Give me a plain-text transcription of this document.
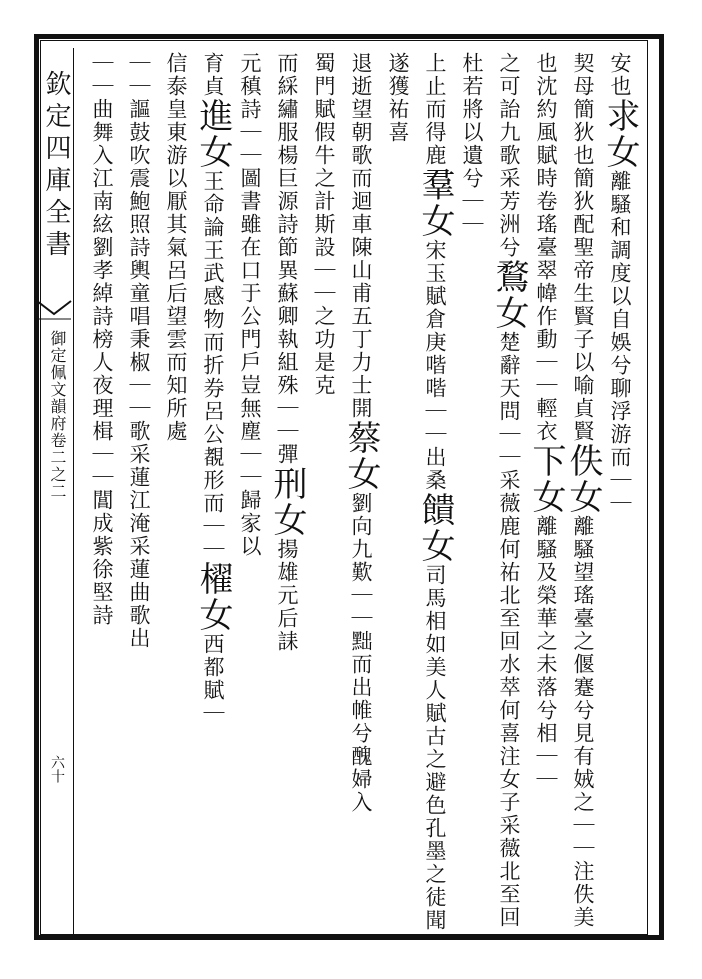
欽定四庫全書
御定佩文韻府卷二之二
六十
安也求女離騷和調度以自娛兮聊浮游而｜｜
契母簡狄也簡狄配聖帝生賢子以喻貞賢佚女離騷望瑤臺之偃蹇兮見有娀之｜｜注佚美
也沈約風賦時卷瑤臺翠幃作動｜｜輕衣下女離騷及榮華之未落兮相｜｜
之可詒九歌采芳洲兮鶩女楚辭天問｜｜采薇鹿何祐北至回水萃何喜注女子采薇北至回
杜若將以遺兮｜｜
上止而得鹿羣女宋玉賦倉庚喈喈｜｜出桑饋女司馬相如美人賦古之避色孔墨之徒聞
遂獲祐喜
退逝望朝歌而迴車陳山甫五丁力士開蔡女劉向九歎｜｜黜而出帷兮醜婦入
蜀門賦假牛之計斯設｜｜之功是克
而綵繡服楊巨源詩節異蘇卿執組殊｜｜彈刑女揚雄元后誄
元稹詩｜｜圖書雖在口于公門戶豈無塵｜｜歸家以
育貞進女王命論王武感物而折券呂公覩形而｜｜櫂女西都賦｜
信泰皇東游以厭其氣呂后望雲而知所處
｜｜謳鼓吹震鮑照詩輿童唱秉椒｜｜歌采蓮江淹采蓮曲歌出
｜｜曲舞入江南絃劉孝綽詩榜人夜理楫｜｜閶成紫徐堅詩
